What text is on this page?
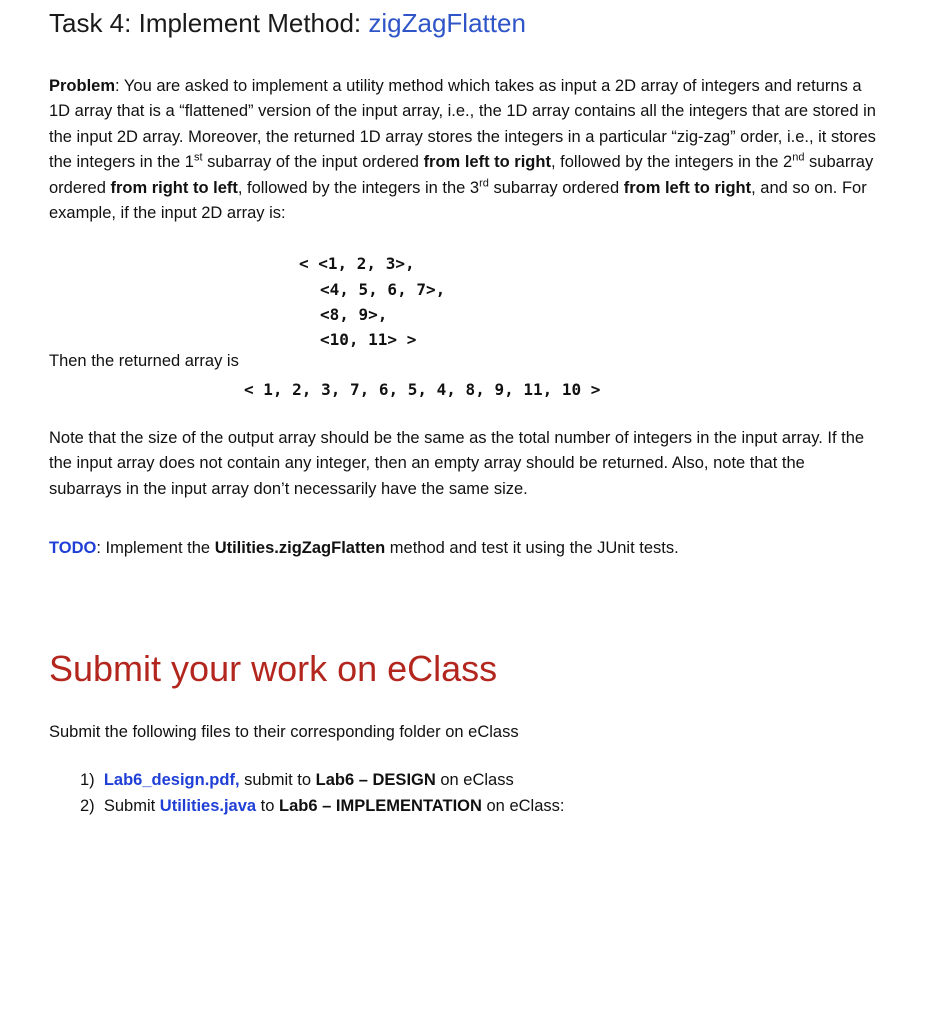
Task 4: Implement Method: zigZagFlatten
Problem: You are asked to implement a utility method which takes as input a 2D array of integers and returns a 1D array that is a “flattened” version of the input array, i.e., the 1D array contains all the integers that are stored in the input 2D array. Moreover, the returned 1D array stores the integers in a particular “zig-zag” order, i.e., it stores the integers in the 1st subarray of the input ordered from left to right, followed by the integers in the 2nd subarray ordered from right to left, followed by the integers in the 3rd subarray ordered from left to right, and so on. For example, if the input 2D array is:
< <1, 2, 3>,
<4, 5, 6, 7>,
<8, 9>,
<10, 11> >
Then the returned array is
< 1, 2, 3, 7, 6, 5, 4, 8, 9, 11, 10 >
Note that the size of the output array should be the same as the total number of integers in the input array. If the the input array does not contain any integer, then an empty array should be returned. Also, note that the subarrays in the input array don’t necessarily have the same size.
TODO: Implement the Utilities.zigZagFlatten method and test it using the JUnit tests.
Submit your work on eClass
Submit the following files to their corresponding folder on eClass
1) Lab6_design.pdf, submit to Lab6 – DESIGN on eClass
2) Submit Utilities.java to Lab6 – IMPLEMENTATION on eClass:
